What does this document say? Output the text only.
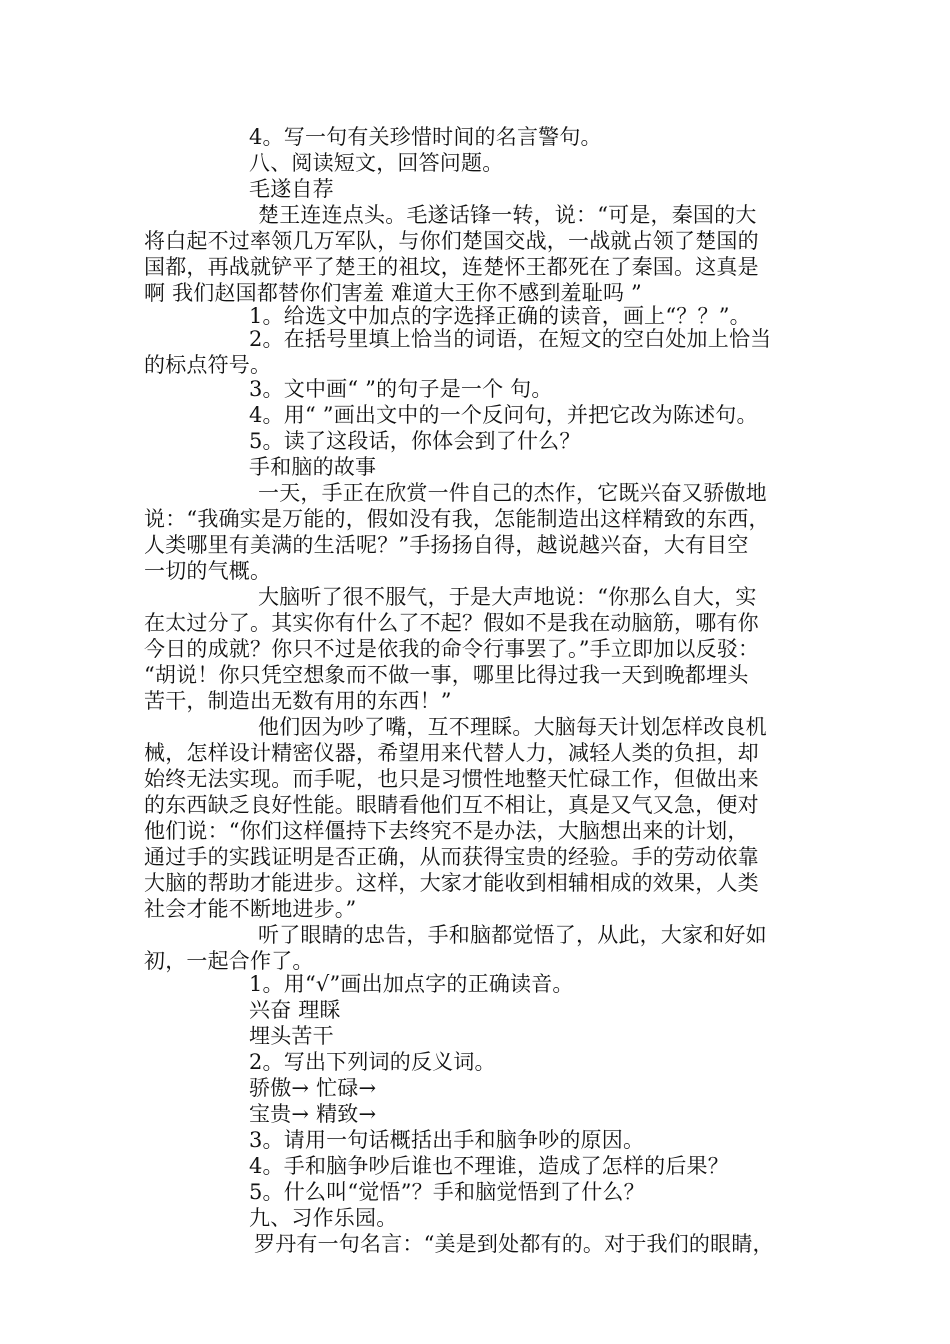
4。写一句有关珍惜时间的名言警句。
八、阅读短文，回答问题。
毛遂自荐
楚王连连点头。毛遂话锋一转，说：“可是，秦国的大
将白起不过率领几万军队，与你们楚国交战，一战就占领了楚国的
国都，再战就铲平了楚王的祖坟，连楚怀王都死在了秦国。这真是
啊 我们赵国都替你们害羞 难道大王你不感到羞耻吗 ”
1。给选文中加点的字选择正确的读音，画上“？？”。
2。在括号里填上恰当的词语，在短文的空白处加上恰当
的标点符号。
3。文中画“ ”的句子是一个 句。
4。用“ ”画出文中的一个反问句，并把它改为陈述句。
5。读了这段话，你体会到了什么？
手和脑的故事
一天，手正在欣赏一件自己的杰作，它既兴奋又骄傲地
说：“我确实是万能的，假如没有我，怎能制造出这样精致的东西，
人类哪里有美满的生活呢？”手扬扬自得，越说越兴奋，大有目空
一切的气概。
大脑听了很不服气，于是大声地说：“你那么自大，实
在太过分了。其实你有什么了不起？假如不是我在动脑筋，哪有你
今日的成就？你只不过是依我的命令行事罢了。”手立即加以反驳：
“胡说！你只凭空想象而不做一事，哪里比得过我一天到晚都埋头
苦干，制造出无数有用的东西！”
他们因为吵了嘴，互不理睬。大脑每天计划怎样改良机
械，怎样设计精密仪器，希望用来代替人力，减轻人类的负担，却
始终无法实现。而手呢，也只是习惯性地整天忙碌工作，但做出来
的东西缺乏良好性能。眼睛看他们互不相让，真是又气又急，便对
他们说：“你们这样僵持下去终究不是办法，大脑想出来的计划，
通过手的实践证明是否正确，从而获得宝贵的经验。手的劳动依靠
大脑的帮助才能进步。这样，大家才能收到相辅相成的效果，人类
社会才能不断地进步。”
听了眼睛的忠告，手和脑都觉悟了，从此，大家和好如
初，一起合作了。
1。用“√”画出加点字的正确读音。
兴奋 理睬
埋头苦干
2。写出下列词的反义词。
骄傲→ 忙碌→
宝贵→ 精致→
3。请用一句话概括出手和脑争吵的原因。
4。手和脑争吵后谁也不理谁，造成了怎样的后果？
5。什么叫“觉悟”？手和脑觉悟到了什么？
九、习作乐园。
罗丹有一句名言：“美是到处都有的。对于我们的眼睛，
